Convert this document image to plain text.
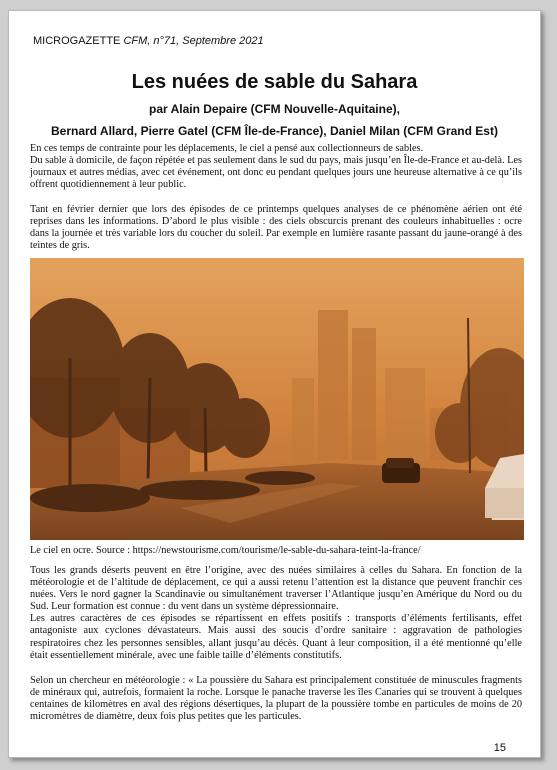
MICROGAZETTE CFM, n°71, Septembre 2021
Les nuées de sable du Sahara
par Alain Depaire (CFM Nouvelle-Aquitaine),
Bernard Allard, Pierre Gatel (CFM Île-de-France), Daniel Milan (CFM Grand Est)

En ces temps de contrainte pour les déplacements, le ciel a pensé aux collectionneurs de sables.

Du sable à domicile, de façon répétée et pas seulement dans le sud du pays, mais jusqu’en Île-de-France et au-delà. Les journaux et autres médias, avec cet événement, ont donc eu pendant quelques jours une heureuse alternative à ce qu’ils offrent quotidiennement à leur public.

Tant en février dernier que lors des épisodes de ce printemps quelques analyses de ce phénomène aérien ont été reprises dans les informations. D’abord le plus visible : des ciels obscurcis prenant des couleurs inhabituelles : ocre dans la journée et très variable lors du coucher du soleil. Par exemple en lumière rasante passant du jaune-orangé à des teintes de gris.

Le ciel en ocre. Source : https://newstourisme.com/tourisme/le-sable-du-sahara-teint-la-france/

Tous les grands déserts peuvent en être l’origine, avec des nuées similaires à celles du Sahara. En fonction de la météorologie et de l’altitude de déplacement, ce qui a aussi retenu l’attention est la distance que peuvent franchir ces nuées. Vers le nord gagner la Scandinavie ou simultanément traverser l’Atlantique jusqu’en Amérique du Nord ou du Sud. Leur formation est connue : du vent dans un système dépressionnaire.

Les autres caractères de ces épisodes se répartissent en effets positifs : transports d’éléments fertilisants, effet antagoniste aux cyclones dévastateurs. Mais aussi des soucis d’ordre sanitaire : aggravation de pathologies respiratoires chez les personnes sensibles, allant jusqu’au décès. Quant à leur composition, il a été mentionné qu’elle était essentiellement minérale, avec une faible taille d’éléments constitutifs.

Selon un chercheur en météorologie : « La poussière du Sahara est principalement constituée de minuscules fragments de minéraux qui, autrefois, formaient la roche. Lorsque le panache traverse les îles Canaries qui se trouvent à quelques centaines de kilomètres en aval des régions désertiques, la plupart de la poussière tombe en particules de moins de 20 micromètres de diamètre, deux fois plus petites que les particules.

15
